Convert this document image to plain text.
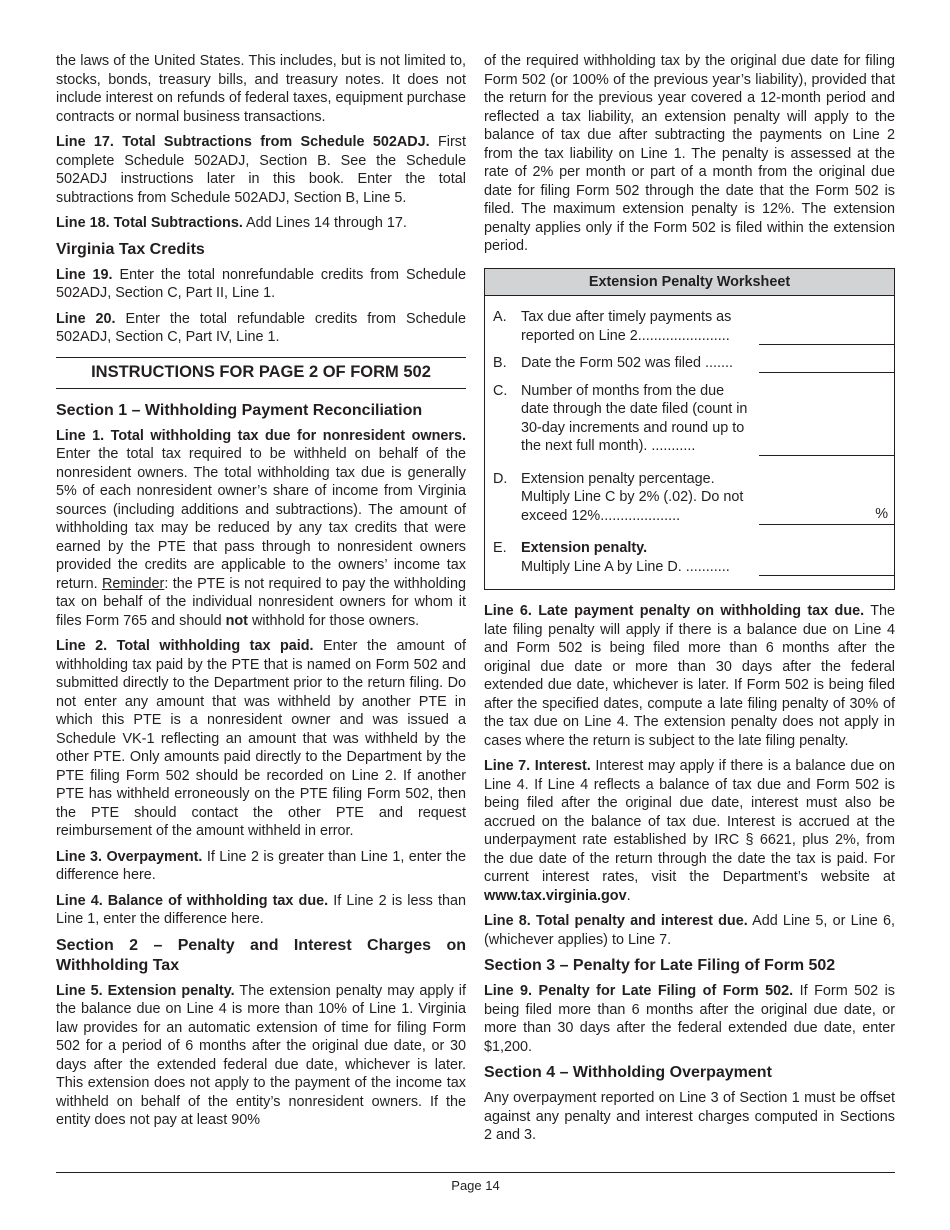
the laws of the United States. This includes, but is not limited to, stocks, bonds, treasury bills, and treasury notes. It does not include interest on refunds of federal taxes, equipment purchase contracts or normal business transactions.

Line 17. Total Subtractions from Schedule 502ADJ. First complete Schedule 502ADJ, Section B. See the Schedule 502ADJ instructions later in this book. Enter the total subtractions from Schedule 502ADJ, Section B, Line 5.

Line 18. Total Subtractions. Add Lines 14 through 17.

Virginia Tax Credits

Line 19. Enter the total nonrefundable credits from Schedule 502ADJ, Section C, Part II, Line 1.

Line 20. Enter the total refundable credits from Schedule 502ADJ, Section C, Part IV, Line 1.

INSTRUCTIONS FOR PAGE 2 OF FORM 502
Section 1 – Withholding Payment Reconciliation

Line 1. Total withholding tax due for nonresident owners. Enter the total tax required to be withheld on behalf of the nonresident owners. The total withholding tax due is generally 5% of each nonresident owner’s share of income from Virginia sources (including additions and subtractions). The amount of withholding tax may be reduced by any tax credits that were earned by the PTE that pass through to nonresident owners provided the credits are applicable to the owners’ income tax return. Reminder: the PTE is not required to pay the withholding tax on behalf of the individual nonresident owners for whom it files Form 765 and should not withhold for those owners.

Line 2. Total withholding tax paid. Enter the amount of withholding tax paid by the PTE that is named on Form 502 and submitted directly to the Department prior to the return filing. Do not enter any amount that was withheld by another PTE in which this PTE is a nonresident owner and was issued a Schedule VK-1 reflecting an amount that was withheld by the other PTE. Only amounts paid directly to the Department by the PTE filing Form 502 should be recorded on Line 2. If another PTE has withheld erroneously on the PTE filing Form 502, then the PTE should contact the other PTE and request reimbursement of the amount withheld in error.

Line 3. Overpayment. If Line 2 is greater than Line 1, enter the difference here.

Line 4. Balance of withholding tax due. If Line 2 is less than Line 1, enter the difference here.

Section 2 – Penalty and Interest Charges on Withholding Tax

Line 5. Extension penalty. The extension penalty may apply if the balance due on Line 4 is more than 10% of Line 1. Virginia law provides for an automatic extension of time for filing Form 502 for a period of 6 months after the original due date, or 30 days after the extended federal due date, whichever is later. This extension does not apply to the payment of the income tax withheld on behalf of the entity’s nonresident owners. If the entity does not pay at least 90%

of the required withholding tax by the original due date for filing Form 502 (or 100% of the previous year’s liability), provided that the return for the previous year covered a 12-month period and reflected a tax liability, an extension penalty will apply to the balance of tax due after subtracting the payments on Line 2 from the tax liability on Line 1. The penalty is assessed at the rate of 2% per month or part of a month from the original due date for filing Form 502 through the date that the Form 502 is filed. The maximum extension penalty is 12%. The extension penalty applies only if the Form 502 is filed within the extension period.

Extension Penalty Worksheet
A. Tax due after timely payments as reported on Line 2.......................
B. Date the Form 502 was filed .......
C. Number of months from the due date through the date filed (count in 30-day increments and round up to the next full month). ...........
D. Extension penalty percentage. Multiply Line C by 2% (.02). Do not exceed 12%....................	%
E. Extension penalty.
Multiply Line A by Line D. ...........

Line 6. Late payment penalty on withholding tax due. The late filing penalty will apply if there is a balance due on Line 4 and Form 502 is being filed more than 6 months after the original due date or more than 30 days after the federal extended due date, whichever is later. If Form 502 is being filed after the specified dates, compute a late filing penalty of 30% of the tax due on Line 4. The extension penalty does not apply in cases where the return is subject to the late filing penalty.

Line 7. Interest. Interest may apply if there is a balance due on Line 4. If Line 4 reflects a balance of tax due and Form 502 is being filed after the original due date, interest must also be accrued on the balance of tax due. Interest is accrued at the underpayment rate established by IRC § 6621, plus 2%, from the due date of the return through the date the tax is paid. For current interest rates, visit the Department’s website at www.tax.virginia.gov.

Line 8. Total penalty and interest due. Add Line 5, or Line 6, (whichever applies) to Line 7.

Section 3 – Penalty for Late Filing of Form 502

Line 9. Penalty for Late Filing of Form 502. If Form 502 is being filed more than 6 months after the original due date, or more than 30 days after the federal extended due date, enter $1,200.

Section 4 – Withholding Overpayment

Any overpayment reported on Line 3 of Section 1 must be offset against any penalty and interest charges computed in Sections 2 and 3.

Page 14
